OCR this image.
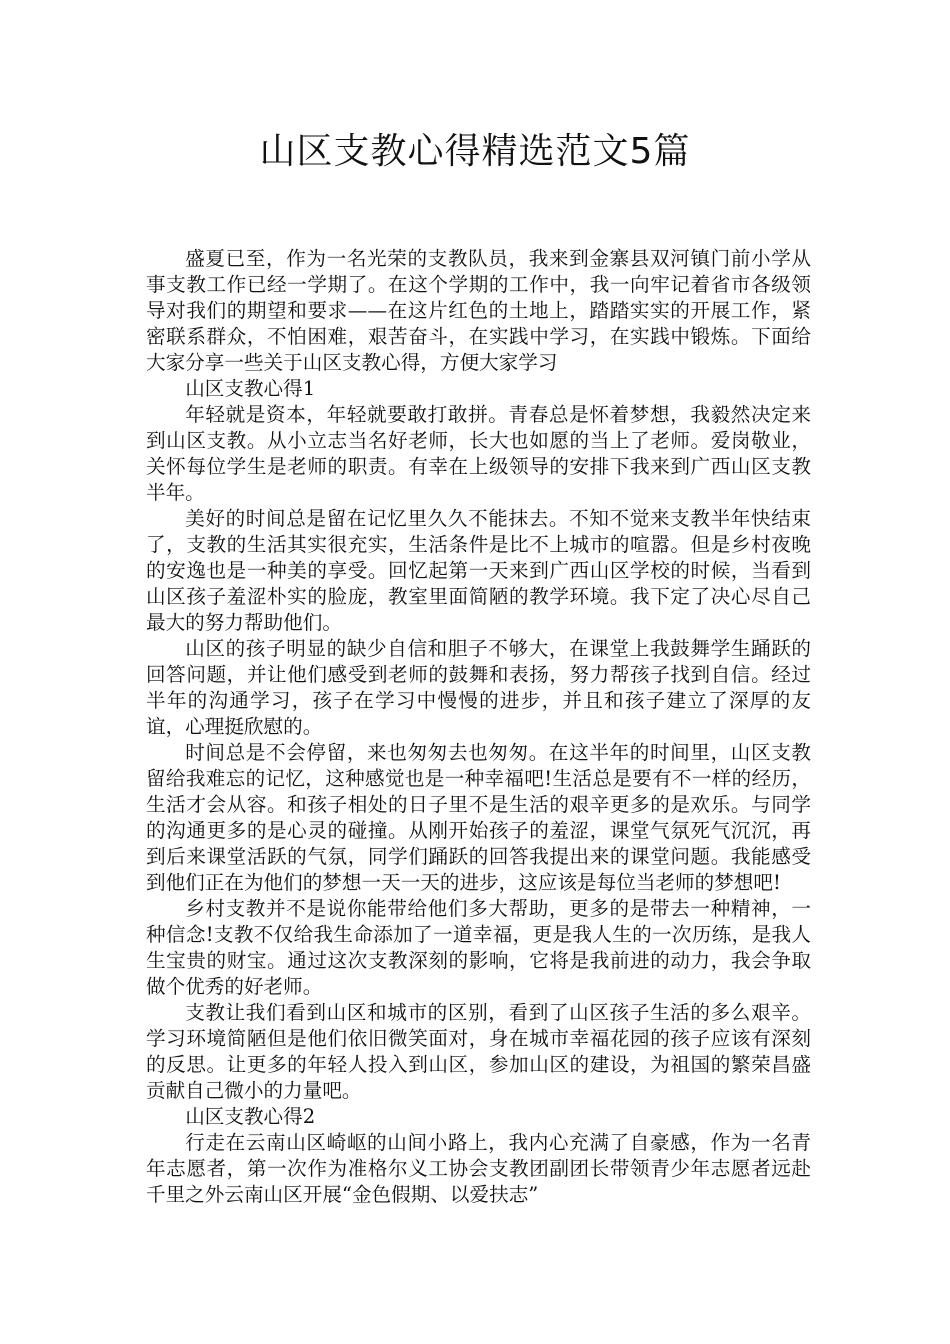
山区支教心得精选范文5篇

盛夏已至，作为一名光荣的支教队员，我来到金寨县双河镇门前小学从事支教工作已经一学期了。在这个学期的工作中，我一向牢记着省市各级领导对我们的期望和要求——在这片红色的土地上，踏踏实实的开展工作，紧密联系群众，不怕困难，艰苦奋斗，在实践中学习，在实践中锻炼。下面给大家分享一些关于山区支教心得，方便大家学习

山区支教心得1

年轻就是资本，年轻就要敢打敢拼。青春总是怀着梦想，我毅然决定来到山区支教。从小立志当名好老师，长大也如愿的当上了老师。爱岗敬业，关怀每位学生是老师的职责。有幸在上级领导的安排下我来到广西山区支教半年。

美好的时间总是留在记忆里久久不能抹去。不知不觉来支教半年快结束了，支教的生活其实很充实，生活条件是比不上城市的喧嚣。但是乡村夜晚的安逸也是一种美的享受。回忆起第一天来到广西山区学校的时候，当看到山区孩子羞涩朴实的脸庞，教室里面简陋的教学环境。我下定了决心尽自己最大的努力帮助他们。

山区的孩子明显的缺少自信和胆子不够大，在课堂上我鼓舞学生踊跃的回答问题，并让他们感受到老师的鼓舞和表扬，努力帮孩子找到自信。经过半年的沟通学习，孩子在学习中慢慢的进步，并且和孩子建立了深厚的友谊，心理挺欣慰的。

时间总是不会停留，来也匆匆去也匆匆。在这半年的时间里，山区支教留给我难忘的记忆，这种感觉也是一种幸福吧!生活总是要有不一样的经历，生活才会从容。和孩子相处的日子里不是生活的艰辛更多的是欢乐。与同学的沟通更多的是心灵的碰撞。从刚开始孩子的羞涩，课堂气氛死气沉沉，再到后来课堂活跃的气氛，同学们踊跃的回答我提出来的课堂问题。我能感受到他们正在为他们的梦想一天一天的进步，这应该是每位当老师的梦想吧!

乡村支教并不是说你能带给他们多大帮助，更多的是带去一种精神，一种信念!支教不仅给我生命添加了一道幸福，更是我人生的一次历练，是我人生宝贵的财宝。通过这次支教深刻的影响，它将是我前进的动力，我会争取做个优秀的好老师。

支教让我们看到山区和城市的区别，看到了山区孩子生活的多么艰辛。学习环境简陋但是他们依旧微笑面对，身在城市幸福花园的孩子应该有深刻的反思。让更多的年轻人投入到山区，参加山区的建设，为祖国的繁荣昌盛贡献自己微小的力量吧。

山区支教心得2

行走在云南山区崎岖的山间小路上，我内心充满了自豪感，作为一名青年志愿者，第一次作为准格尔义工协会支教团副团长带领青少年志愿者远赴千里之外云南山区开展“金色假期、以爱扶志”
